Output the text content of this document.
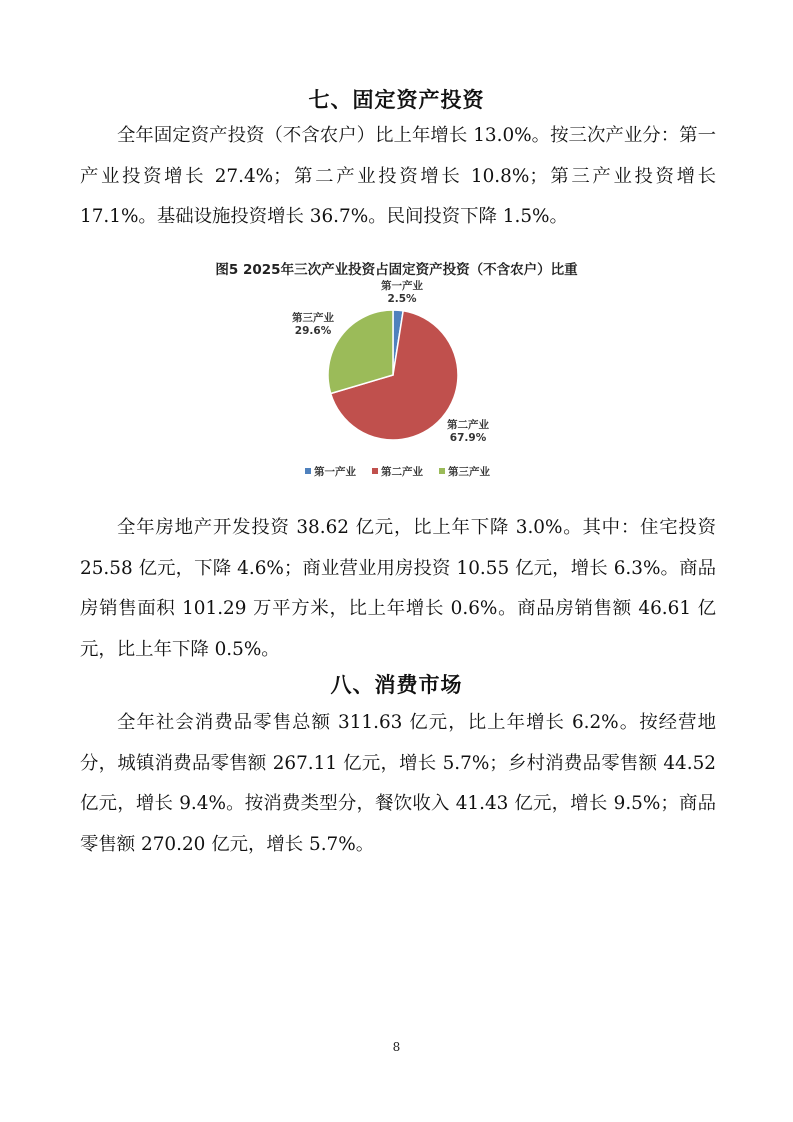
七、固定资产投资

全年固定资产投资（不含农户）比上年增长 13.0%。按三次产业分：第一产业投资增长 27.4%；第二产业投资增长 10.8%；第三产业投资增长 17.1%。基础设施投资增长 36.7%。民间投资下降 1.5%。

图5 2025年三次产业投资占固定资产投资（不含农户）比重
第一产业
2.5%
第二产业
67.9%
第三产业
29.6%
第一产业 第二产业 第三产业

全年房地产开发投资 38.62 亿元，比上年下降 3.0%。其中：住宅投资 25.58 亿元，下降 4.6%；商业营业用房投资 10.55 亿元，增长 6.3%。商品房销售面积 101.29 万平方米，比上年增长 0.6%。商品房销售额 46.61 亿元，比上年下降 0.5%。

八、消费市场

全年社会消费品零售总额 311.63 亿元，比上年增长 6.2%。按经营地分，城镇消费品零售额 267.11 亿元，增长 5.7%；乡村消费品零售额 44.52 亿元，增长 9.4%。按消费类型分，餐饮收入 41.43 亿元，增长 9.5%；商品零售额 270.20 亿元，增长 5.7%。

8
